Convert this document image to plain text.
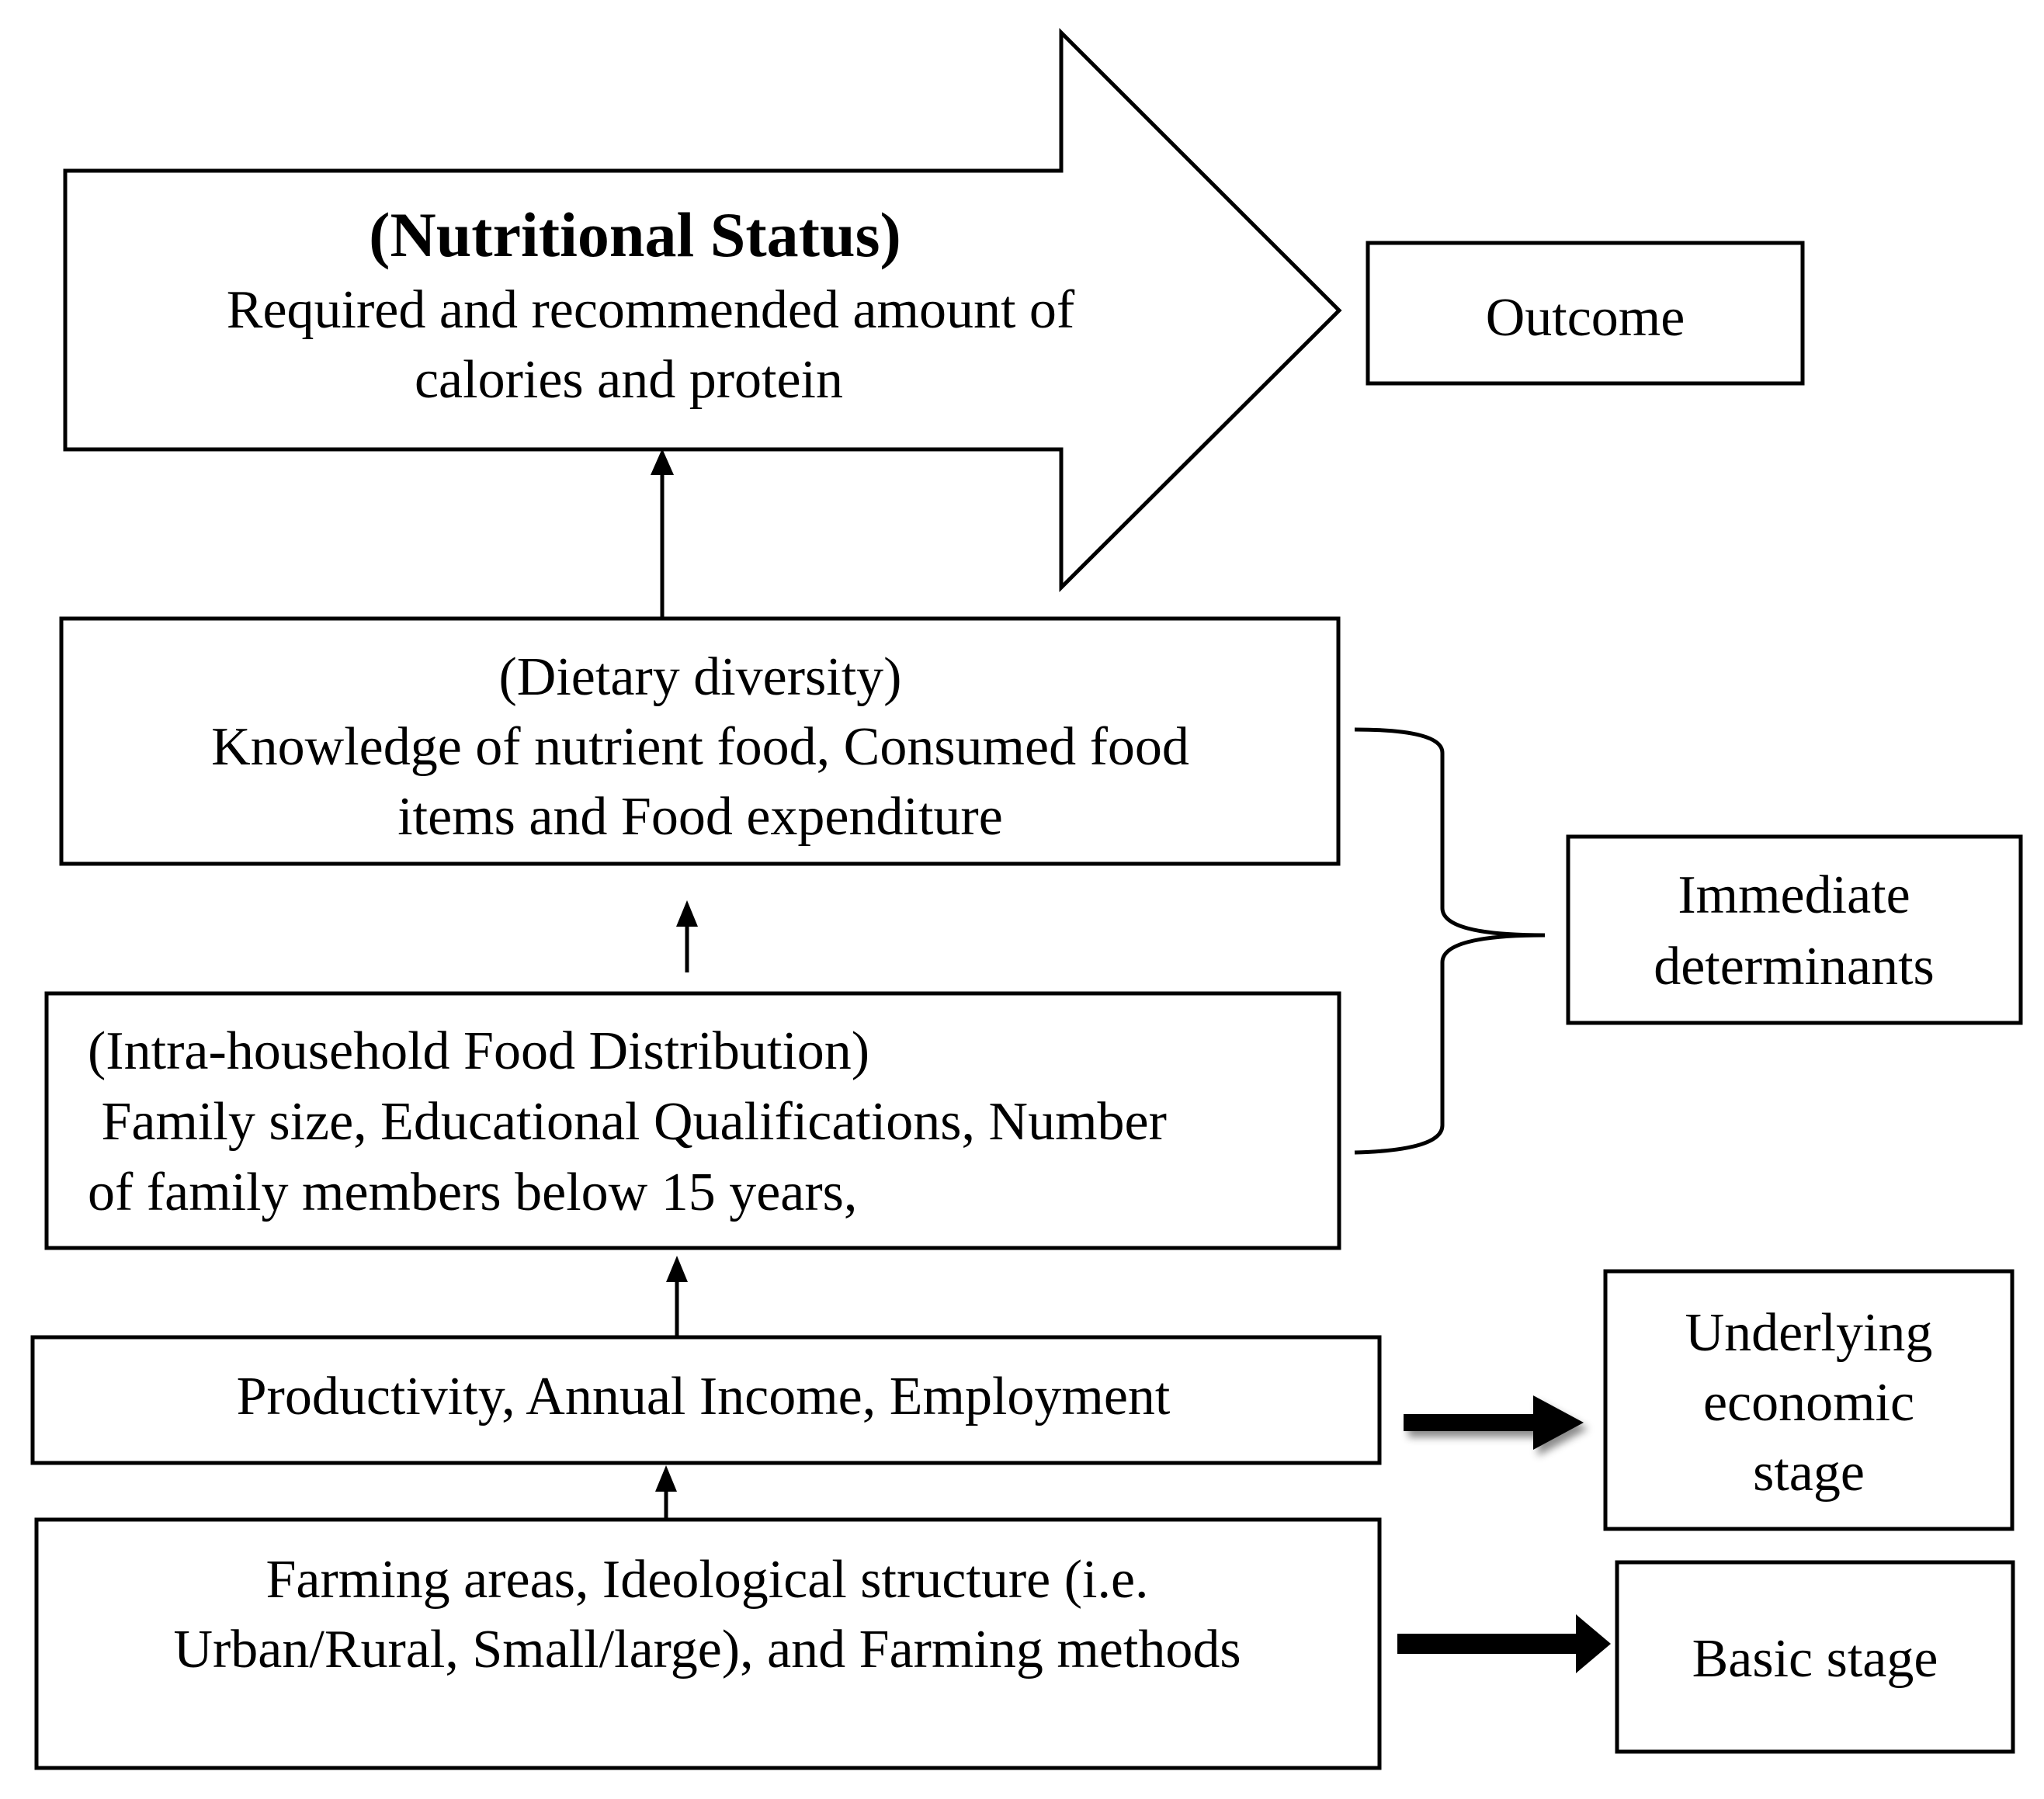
(Nutritional Status)
Required and recommended amount of
calories and protein
Outcome
(Dietary diversity)
Knowledge of nutrient food, Consumed food
items and Food expenditure
(Intra-household Food Distribution)
Family size, Educational Qualifications, Number
of family members below 15 years,
Immediate
determinants
Productivity, Annual Income, Employment
Underlying
economic
stage
Farming areas, Ideological structure (i.e.
Urban/Rural, Small/large), and Farming methods	Basic stage
